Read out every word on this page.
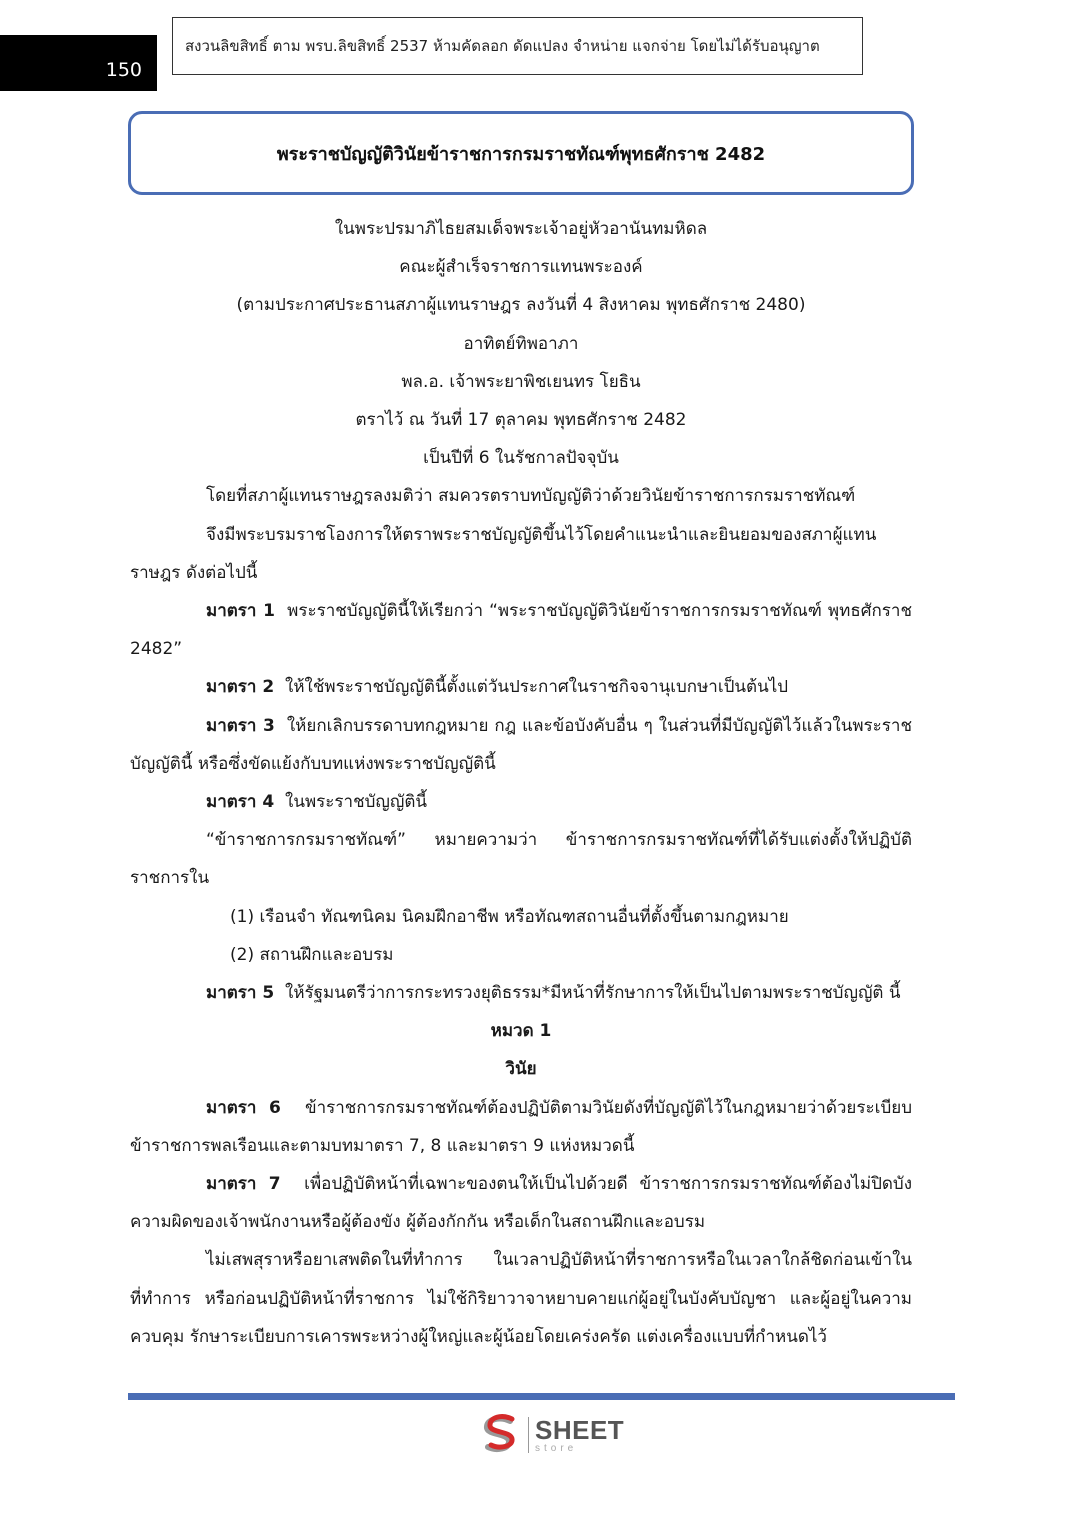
150
สงวนลิขสิทธิ์ ตาม พรบ.ลิขสิทธิ์ 2537 ห้ามคัดลอก ดัดแปลง จำหน่าย แจกจ่าย โดยไม่ได้รับอนุญาต
พระราชบัญญัติวินัยข้าราชการกรมราชทัณฑ์พุทธศักราช 2482
ในพระปรมาภิไธยสมเด็จพระเจ้าอยู่หัวอานันทมหิดล
คณะผู้สำเร็จราชการแทนพระองค์
(ตามประกาศประธานสภาผู้แทนราษฎร ลงวันที่ 4 สิงหาคม พุทธศักราช 2480)
อาทิตย์ทิพอาภา
พล.อ. เจ้าพระยาพิชเยนทร โยธิน
ตราไว้ ณ วันที่ 17 ตุลาคม พุทธศักราช 2482
เป็นปีที่ 6 ในรัชกาลปัจจุบัน

โดยที่สภาผู้แทนราษฎรลงมติว่า สมควรตราบทบัญญัติว่าด้วยวินัยข้าราชการกรมราชทัณฑ์

จึงมีพระบรมราชโองการให้ตราพระราชบัญญัติขึ้นไว้โดยคำแนะนำและยินยอมของสภาผู้แทนราษฎร ดังต่อไปนี้

มาตรา 1 พระราชบัญญัตินี้ให้เรียกว่า “พระราชบัญญัติวินัยข้าราชการกรมราชทัณฑ์ พุทธศักราช 2482”

มาตรา 2 ให้ใช้พระราชบัญญัตินี้ตั้งแต่วันประกาศในราชกิจจานุเบกษาเป็นต้นไป

มาตรา 3 ให้ยกเลิกบรรดาบทกฎหมาย กฎ และข้อบังคับอื่น ๆ ในส่วนที่มีบัญญัติไว้แล้วในพระราชบัญญัตินี้ หรือซึ่งขัดแย้งกับบทแห่งพระราชบัญญัตินี้

มาตรา 4 ในพระราชบัญญัตินี้

“ข้าราชการกรมราชทัณฑ์” หมายความว่า ข้าราชการกรมราชทัณฑ์ที่ได้รับแต่งตั้งให้ปฏิบัติราชการใน

(1) เรือนจำ ทัณฑนิคม นิคมฝึกอาชีพ หรือทัณฑสถานอื่นที่ตั้งขึ้นตามกฎหมาย

(2) สถานฝึกและอบรม

มาตรา 5 ให้รัฐมนตรีว่าการกระทรวงยุติธรรม*มีหน้าที่รักษาการให้เป็นไปตามพระราชบัญญัติ นี้

หมวด 1
วินัย

มาตรา 6 ข้าราชการกรมราชทัณฑ์ต้องปฏิบัติตามวินัยดังที่บัญญัติไว้ในกฎหมายว่าด้วยระเบียบข้าราชการพลเรือนและตามบทมาตรา 7, 8 และมาตรา 9 แห่งหมวดนี้

มาตรา 7 เพื่อปฏิบัติหน้าที่เฉพาะของตนให้เป็นไปด้วยดี ข้าราชการกรมราชทัณฑ์ต้องไม่ปิดบังความผิดของเจ้าพนักงานหรือผู้ต้องขัง ผู้ต้องกักกัน หรือเด็กในสถานฝึกและอบรม

ไม่เสพสุราหรือยาเสพติดในที่ทำการ ในเวลาปฏิบัติหน้าที่ราชการหรือในเวลาใกล้ชิดก่อนเข้าในที่ทำการ หรือก่อนปฏิบัติหน้าที่ราชการ ไม่ใช้กิริยาวาจาหยาบคายแก่ผู้อยู่ในบังคับบัญชา และผู้อยู่ในความควบคุม รักษาระเบียบการเคารพระหว่างผู้ใหญ่และผู้น้อยโดยเคร่งครัด แต่งเครื่องแบบที่กำหนดไว้

SHEET
store
